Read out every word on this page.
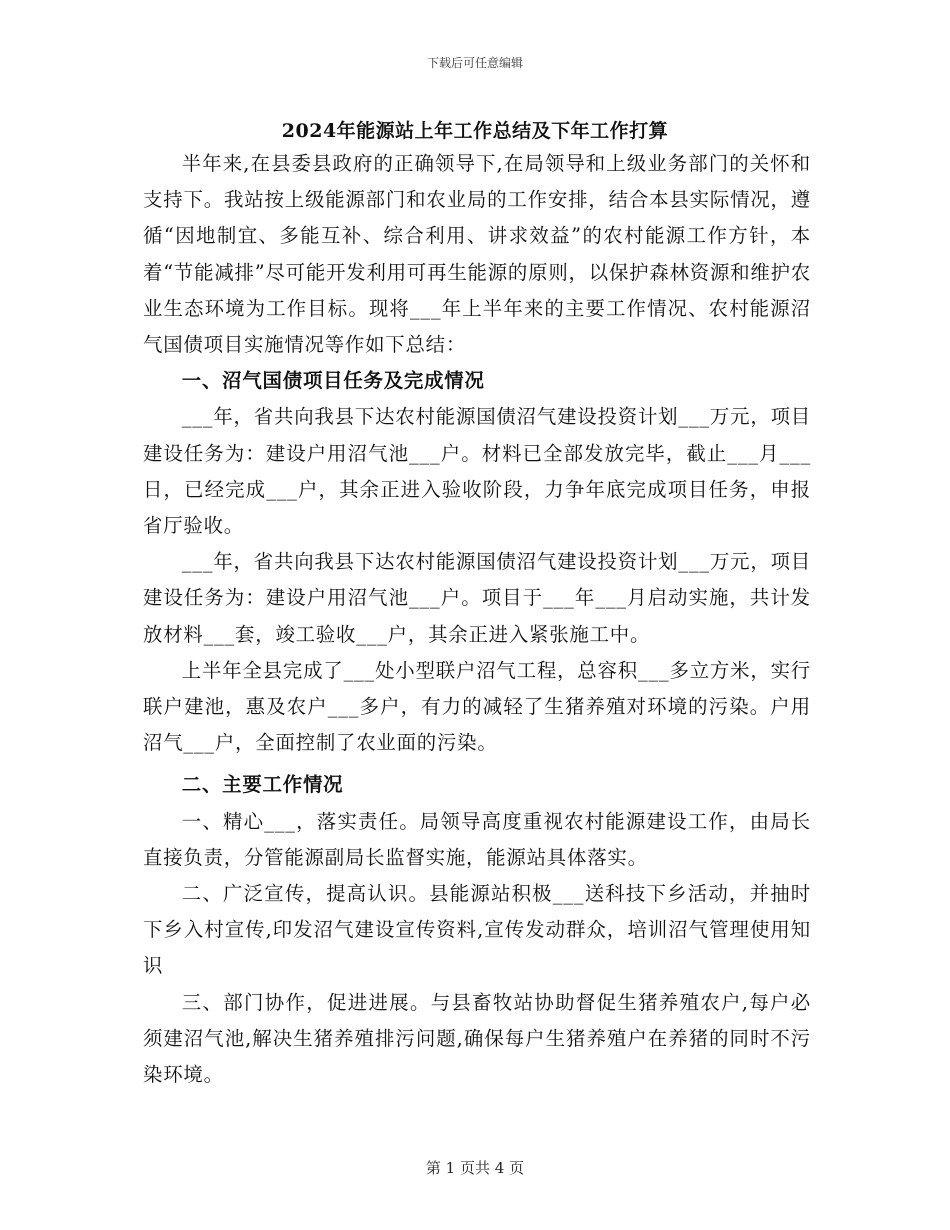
下载后可任意编辑
2024年能源站上年工作总结及下年工作打算

半年来,在县委县政府的正确领导下,在局领导和上级业务部门的关怀和支持下。我站按上级能源部门和农业局的工作安排，结合本县实际情况，遵循“因地制宜、多能互补、综合利用、讲求效益”的农村能源工作方针，本着“节能减排”尽可能开发利用可再生能源的原则，以保护森林资源和维护农业生态环境为工作目标。现将___年上半年来的主要工作情况、农村能源沼气国债项目实施情况等作如下总结：

一、沼气国债项目任务及完成情况

___年，省共向我县下达农村能源国债沼气建设投资计划___万元，项目建设任务为：建设户用沼气池___户。材料已全部发放完毕，截止___月___日，已经完成___户，其余正进入验收阶段，力争年底完成项目任务，申报省厅验收。

___年，省共向我县下达农村能源国债沼气建设投资计划___万元，项目建设任务为：建设户用沼气池___户。项目于___年___月启动实施，共计发放材料___套，竣工验收___户，其余正进入紧张施工中。

上半年全县完成了___处小型联户沼气工程，总容积___多立方米，实行联户建池，惠及农户___多户，有力的减轻了生猪养殖对环境的污染。户用沼气___户，全面控制了农业面的污染。

二、主要工作情况

一、精心___，落实责任。局领导高度重视农村能源建设工作，由局长直接负责，分管能源副局长监督实施，能源站具体落实。

二、广泛宣传，提高认识。县能源站积极___送科技下乡活动，并抽时下乡入村宣传,印发沼气建设宣传资料,宣传发动群众，培训沼气管理使用知识

三、部门协作，促进进展。与县畜牧站协助督促生猪养殖农户,每户必须建沼气池,解决生猪养殖排污问题,确保每户生猪养殖户在养猪的同时不污染环境。

第 1 页共 4 页
